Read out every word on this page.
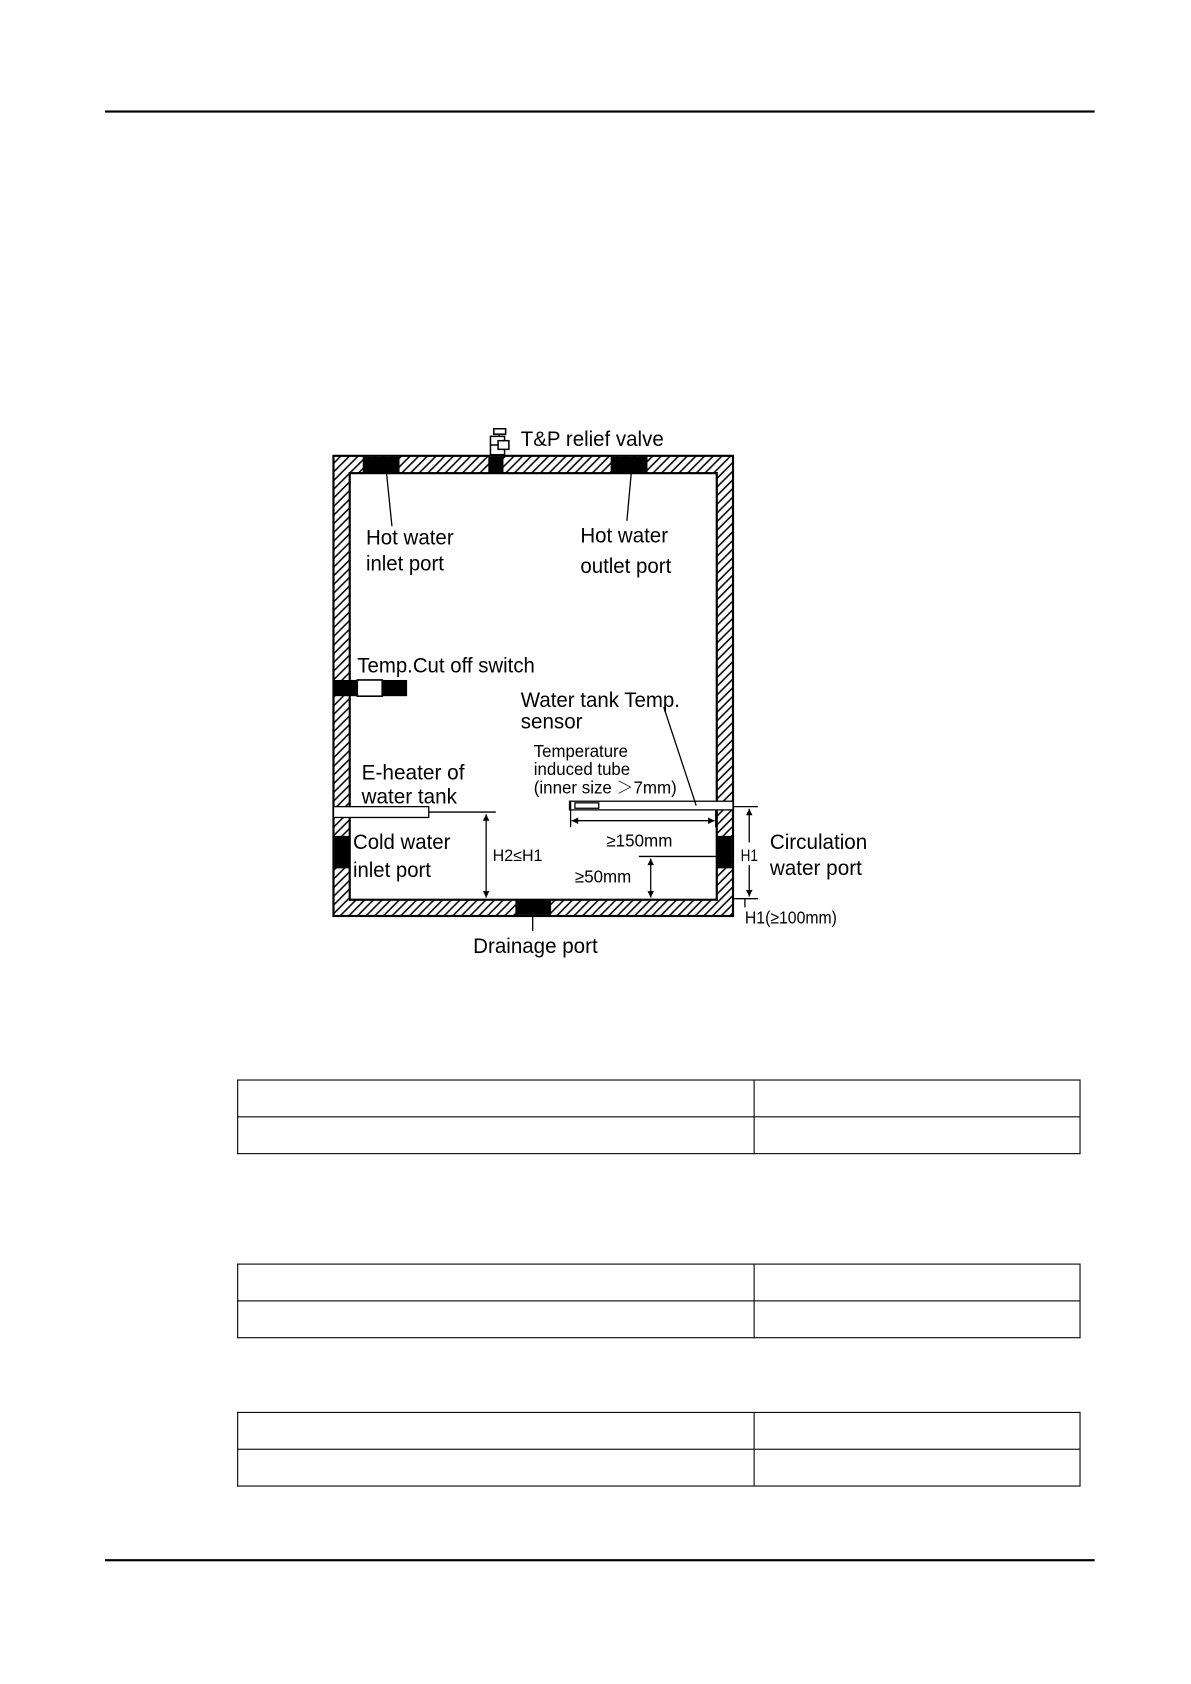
T&P relief valve
Hot water
inlet port
Hot water
outlet port
Temp.Cut off switch
Water tank Temp.
sensor
Temperature
induced tube
(inner size ＞7mm)
E-heater of
water tank
Cold water
inlet port
H2≤H1
≥150mm
≥50mm
H1
Circulation
water port
H1(≥100mm)
Drainage port
